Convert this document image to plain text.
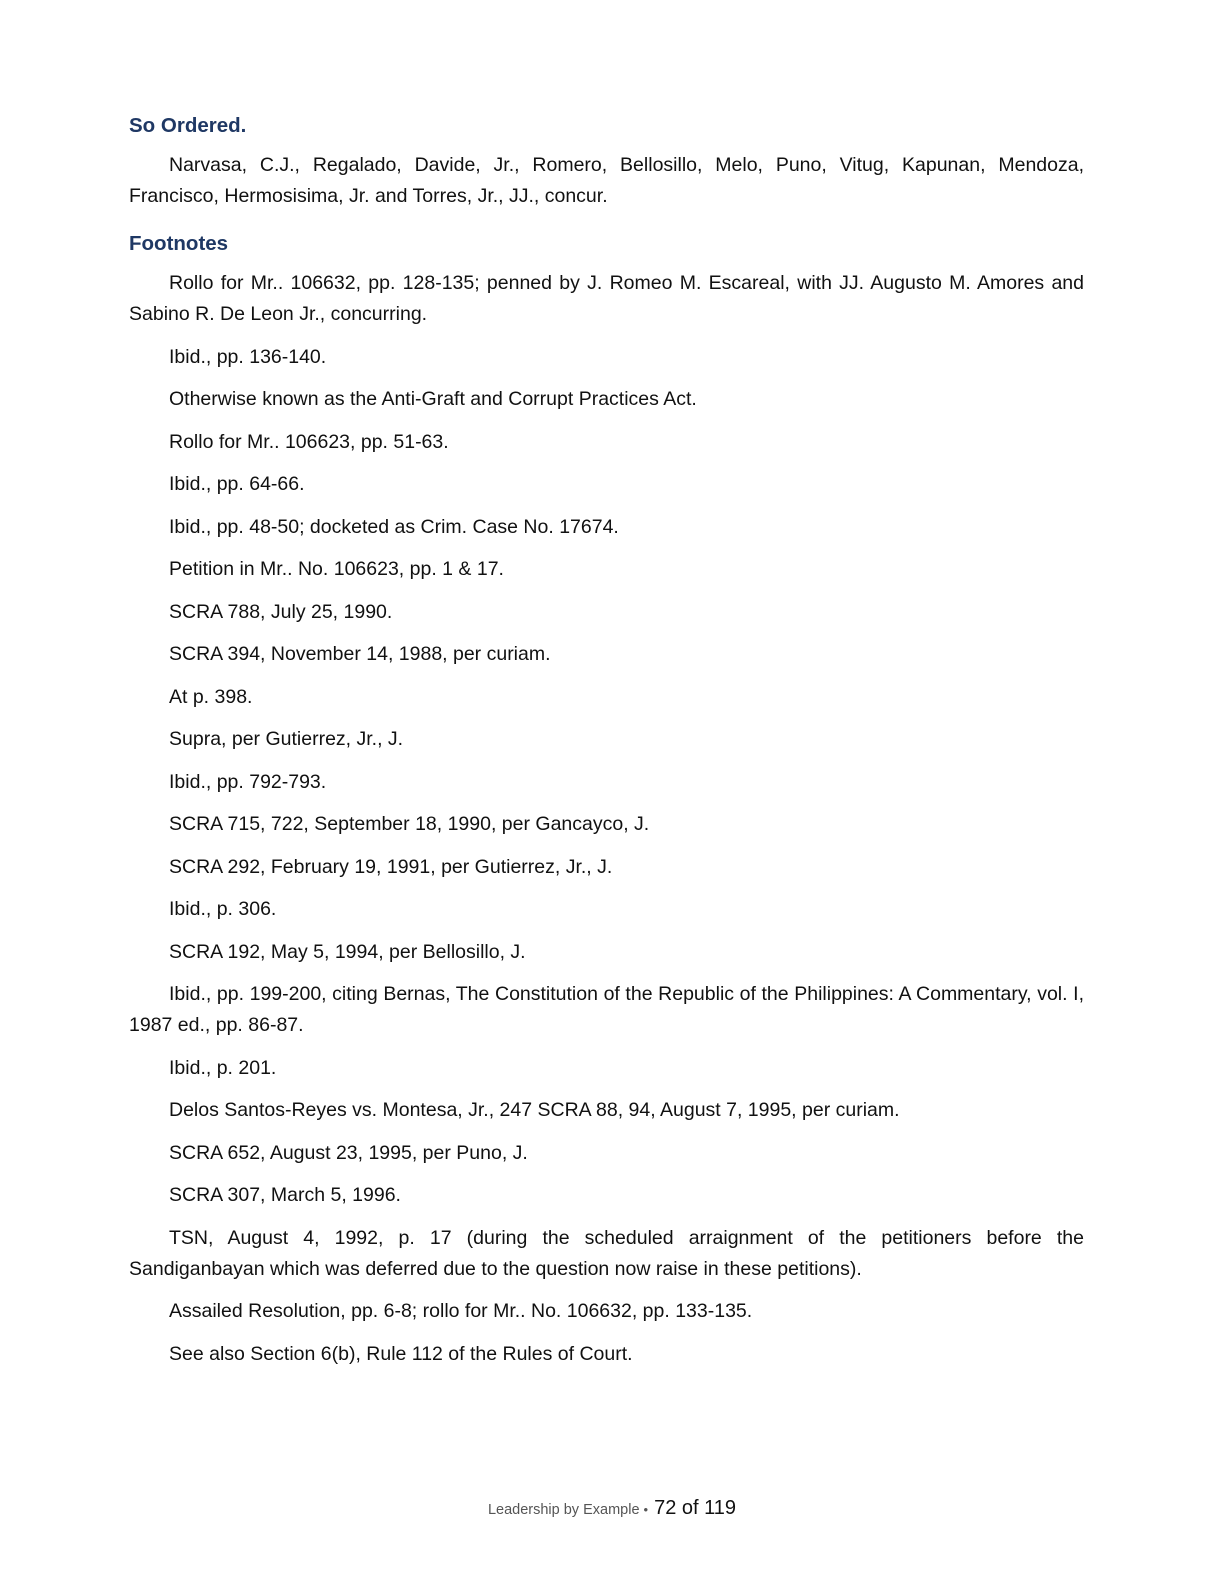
So Ordered.

Narvasa, C.J., Regalado, Davide, Jr., Romero, Bellosillo, Melo, Puno, Vitug, Kapunan, Mendoza, Francisco, Hermosisima, Jr. and Torres, Jr., JJ., concur.

Footnotes

Rollo for Mr.. 106632, pp. 128-135; penned by J. Romeo M. Escareal, with JJ. Augusto M. Amores and Sabino R. De Leon Jr., concurring.

Ibid., pp. 136-140.

Otherwise known as the Anti-Graft and Corrupt Practices Act.

Rollo for Mr.. 106623, pp. 51-63.

Ibid., pp. 64-66.

Ibid., pp. 48-50; docketed as Crim. Case No. 17674.

Petition in Mr.. No. 106623, pp. 1 & 17.

SCRA 788, July 25, 1990.

SCRA 394, November 14, 1988, per curiam.

At p. 398.

Supra, per Gutierrez, Jr., J.

Ibid., pp. 792-793.

SCRA 715, 722, September 18, 1990, per Gancayco, J.

SCRA 292, February 19, 1991, per Gutierrez, Jr., J.

Ibid., p. 306.

SCRA 192, May 5, 1994, per Bellosillo, J.

Ibid., pp. 199-200, citing Bernas, The Constitution of the Republic of the Philippines: A Commentary, vol. I, 1987 ed., pp. 86-87.

Ibid., p. 201.

Delos Santos-Reyes vs. Montesa, Jr., 247 SCRA 88, 94, August 7, 1995, per curiam.

SCRA 652, August 23, 1995, per Puno, J.

SCRA 307, March 5, 1996.

TSN, August 4, 1992, p. 17 (during the scheduled arraignment of the petitioners before the Sandiganbayan which was deferred due to the question now raise in these petitions).

Assailed Resolution, pp. 6-8; rollo for Mr.. No. 106632, pp. 133-135.

See also Section 6(b), Rule 112 of the Rules of Court.

Leadership by Example • 72 of 119
